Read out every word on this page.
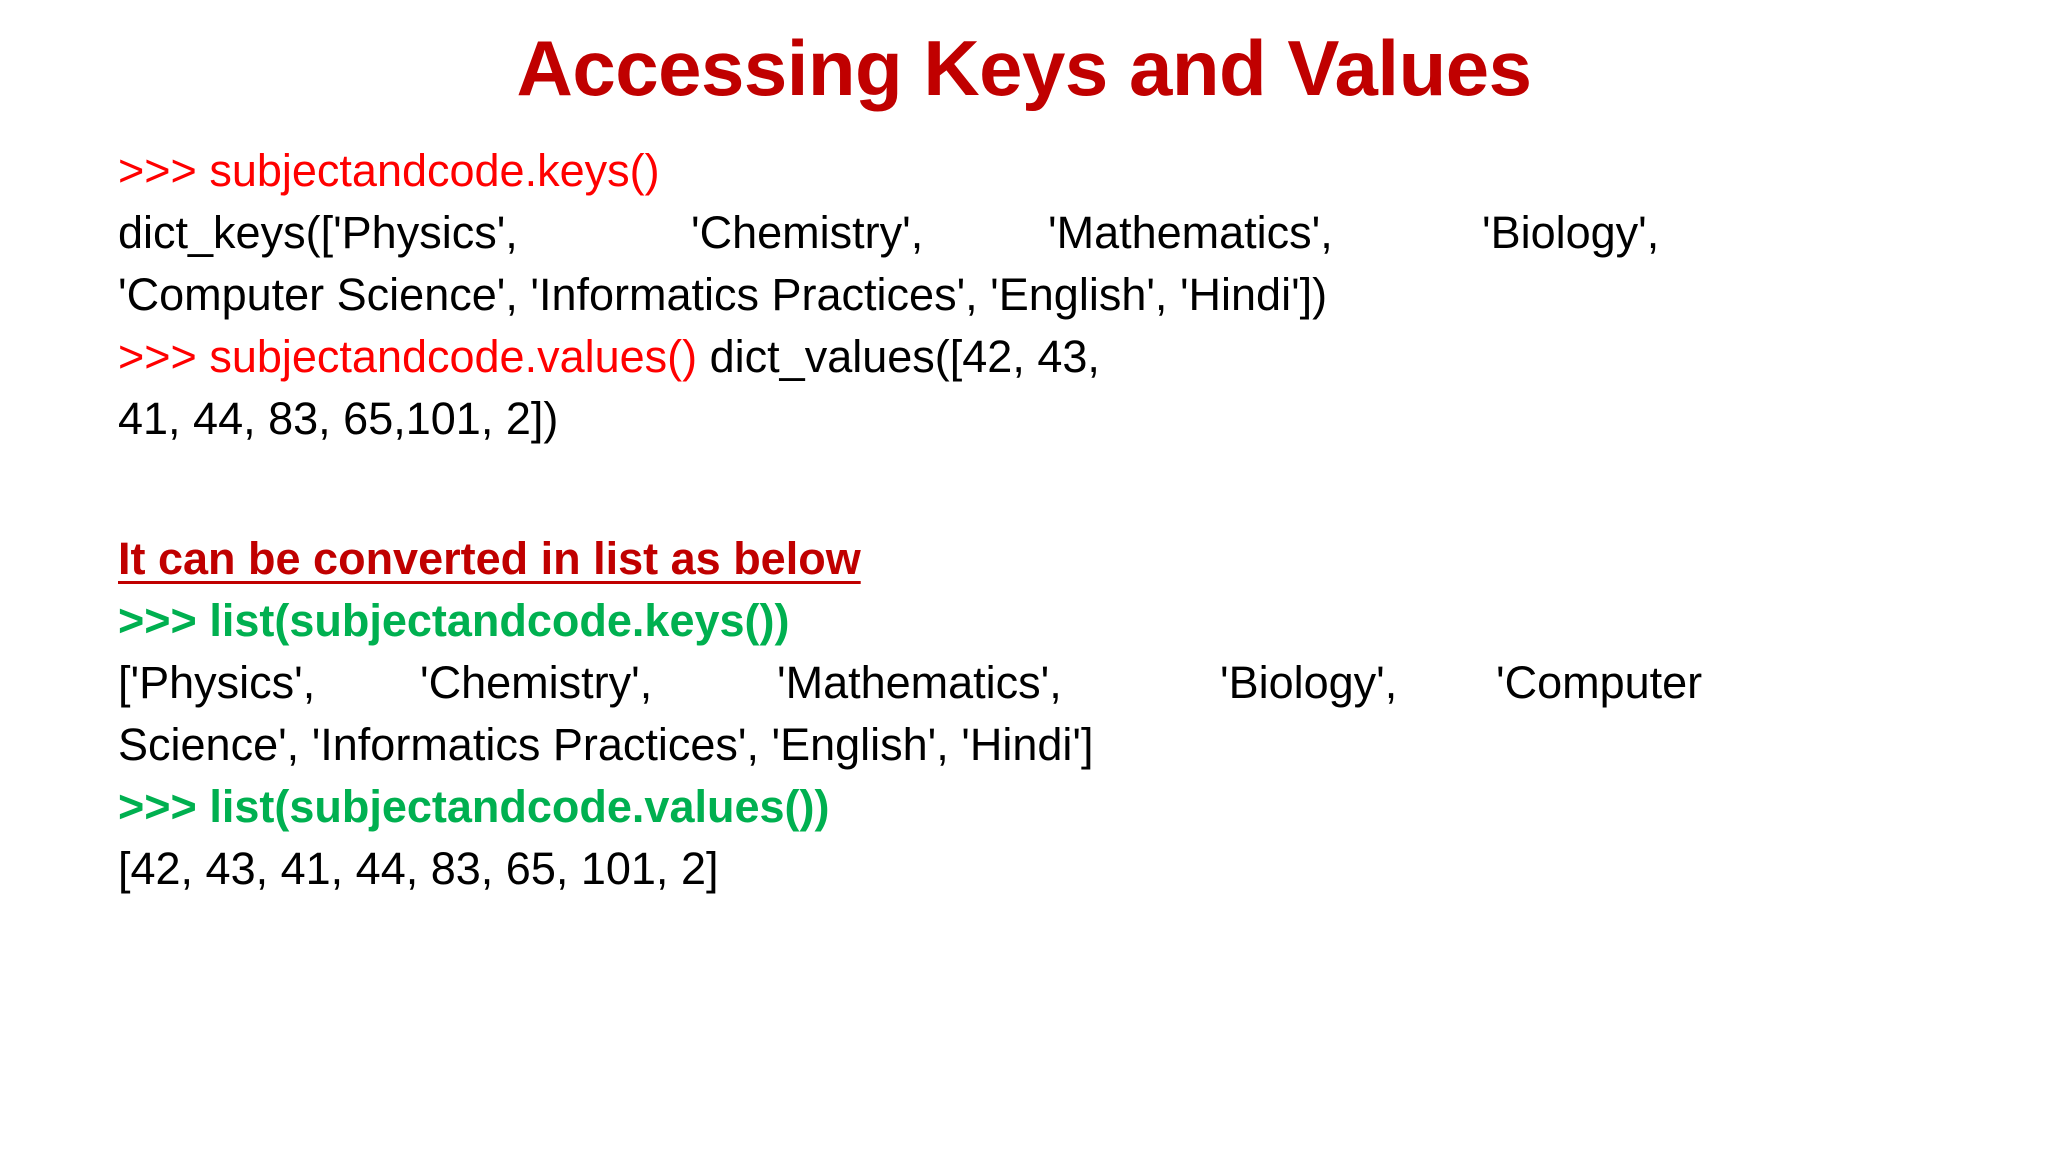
Accessing Keys and Values
>>> subjectandcode.keys()
dict_keys(['Physics',	'Chemistry',	'Mathematics',	'Biology',
'Computer Science', 'Informatics Practices', 'English', 'Hindi'])
>>> subjectandcode.values() dict_values([42, 43,
41, 44, 83, 65,101, 2])
It can be converted in list as below
>>> list(subjectandcode.keys())
['Physics', 'Chemistry',	'Mathematics',	'Biology', 'Computer
Science', 'Informatics Practices', 'English', 'Hindi']
>>> list(subjectandcode.values())
[42, 43, 41, 44, 83, 65, 101, 2]
